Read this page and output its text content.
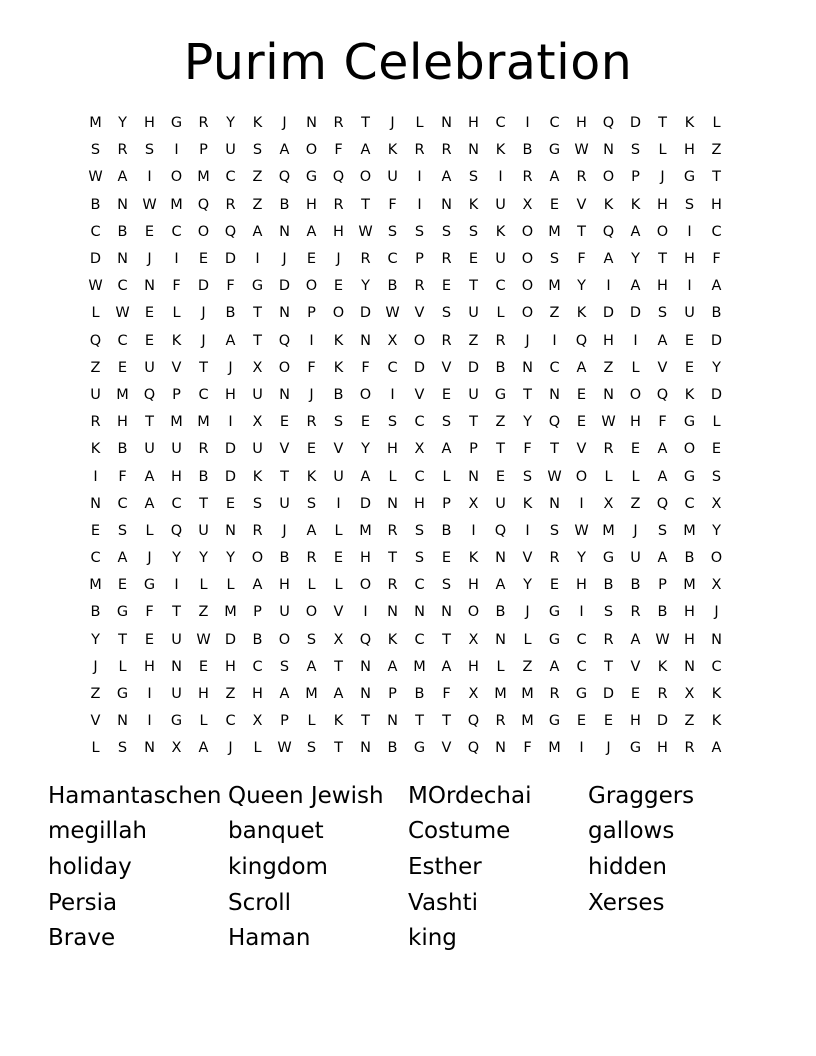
Purim Celebration
M	Y	H	G	R	Y	K	J	N	R	T	J	L	N	H	C	I	C	H	Q	D	T	K	L
S	R	S	I	P	U	S	A	O	F	A	K	R	R	N	K	B	G W N	S	L	H	Z
W	A	I	O	M	C	Z	Q	G	Q	O	U	I	A	S	I	R	A	R	O	P	J	G	T
B	N W M	Q	R	Z	B	H	R	T	F	I	N	K	U	X	E	V	K	K	H	S	H
C	B	E	C	O	Q	A	N	A	H W	S	S	S	S	K	O	M	T	Q	A	O	I	C
D	N	J	I	E	D	I	J	E	J	R	C	P	R	E	U	O	S	F	A	Y	T	H	F
W	C	N	F	D	F	G	D	O	E	Y	B	R	E	T	C	O	M	Y	I	A	H	I	A
L	W	E	L	J	B	T	N	P	O	D W	V	S	U	L	O	Z	K	D	D	S	U	B
Q	C	E	K	J	A	T	Q	I	K	N	X	O	R	Z	R	J	I	Q	H	I	A	E	D
Z	E	U	V	T	J	X	O	F	K	F	C	D	V	D	B	N	C	A	Z	L	V	E	Y
U	M	Q	P	C	H	U	N	J	B	O	I	V	E	U	G	T	N	E	N	O	Q	K	D
R	H	T	M M	I	X	E	R	S	E	S	C	S	T	Z	Y	Q	E	W H	F	G	L
K	B	U	U	R	D	U	V	E	V	Y	H	X	A	P	T	F	T	V	R	E	A	O	E
I	F	A	H	B	D	K	T	K	U	A	L	C	L	N	E	S	W O	L	L	A	G	S
N	C	A	C	T	E	S	U	S	I	D	N	H	P	X	U	K	N	I	X	Z	Q	C	X
E	S	L	Q	U	N	R	J	A	L	M	R	S	B	I	Q	I	S	W M	J	S	M	Y
C	A	J	Y	Y	Y	O	B	R	E	H	T	S	E	K	N	V	R	Y	G	U	A	B	O
M	E	G	I	L	L	A	H	L	L	O	R	C	S	H	A	Y	E	H	B	B	P	M	X
B	G	F	T	Z	M	P	U	O	V	I	N	N	N	O	B	J	G	I	S	R	B	H	J
Y	T	E	U	W D	B	O	S	X	Q	K	C	T	X	N	L	G	C	R	A	W H	N
J	L	H	N	E	H	C	S	A	T	N	A	M	A	H	L	Z	A	C	T	V	K	N	C
Z	G	I	U	H	Z	H	A	M	A	N	P	B	F	X	M M	R	G	D	E	R	X	K
V	N	I	G	L	C	X	P	L	K	T	N	T	T	Q	R	M	G	E	E	H	D	Z	K
L	S	N	X	A	J	L	W	S	T	N	B	G	V	Q	N	F	M	I	J	G	H	R	A
Hamantaschen Queen Jewish	MOrdechai	Graggers
megillah	banquet	Costume	gallows
holiday	kingdom	Esther	hidden
Persia	Scroll	Vashti	Xerses
Brave	Haman	king
